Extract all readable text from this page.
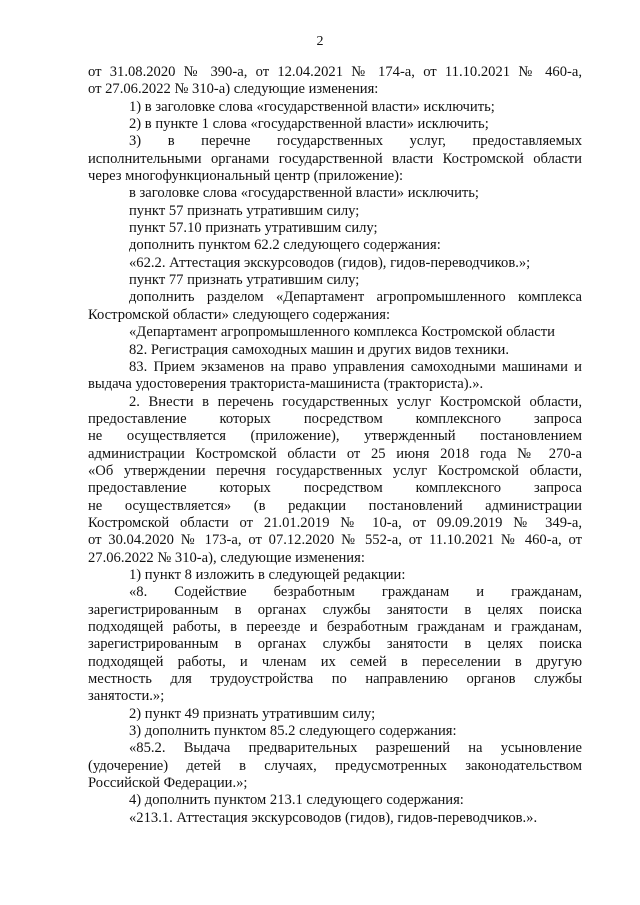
2
от 31.08.2020 № 390-а, от 12.04.2021 № 174-а, от 11.10.2021 № 460-а,
от 27.06.2022 № 310-а) следующие изменения:
1) в заголовке слова «государственной власти» исключить;
2) в пункте 1 слова «государственной власти» исключить;
3) в перечне государственных услуг, предоставляемых
исполнительными органами государственной власти Костромской области
через многофункциональный центр (приложение):
в заголовке слова «государственной власти» исключить;
пункт 57 признать утратившим силу;
пункт 57.10 признать утратившим силу;
дополнить пунктом 62.2 следующего содержания:
«62.2. Аттестация экскурсоводов (гидов), гидов-переводчиков.»;
пункт 77 признать утратившим силу;
дополнить разделом «Департамент агропромышленного комплекса
Костромской области» следующего содержания:
«Департамент агропромышленного комплекса Костромской области
82. Регистрация самоходных машин и других видов техники.
83. Прием экзаменов на право управления самоходными машинами и
выдача удостоверения тракториста-машиниста (тракториста).».
2. Внести в перечень государственных услуг Костромской области,
предоставление которых посредством комплексного запроса
не осуществляется (приложение), утвержденный постановлением
администрации Костромской области от 25 июня 2018 года № 270-а
«Об утверждении перечня государственных услуг Костромской области,
предоставление которых посредством комплексного запроса
не осуществляется» (в редакции постановлений администрации
Костромской области от 21.01.2019 № 10-а, от 09.09.2019 № 349-а,
от 30.04.2020 № 173-а, от 07.12.2020 № 552-а, от 11.10.2021 № 460-а, от
27.06.2022 № 310-а), следующие изменения:
1) пункт 8 изложить в следующей редакции:
«8. Содействие безработным гражданам и гражданам,
зарегистрированным в органах службы занятости в целях поиска
подходящей работы, в переезде и безработным гражданам и гражданам,
зарегистрированным в органах службы занятости в целях поиска
подходящей работы, и членам их семей в переселении в другую
местность для трудоустройства по направлению органов службы
занятости.»;
2) пункт 49 признать утратившим силу;
3) дополнить пунктом 85.2 следующего содержания:
«85.2. Выдача предварительных разрешений на усыновление
(удочерение) детей в случаях, предусмотренных законодательством
Российской Федерации.»;
4) дополнить пунктом 213.1 следующего содержания:
«213.1. Аттестация экскурсоводов (гидов), гидов-переводчиков.».
